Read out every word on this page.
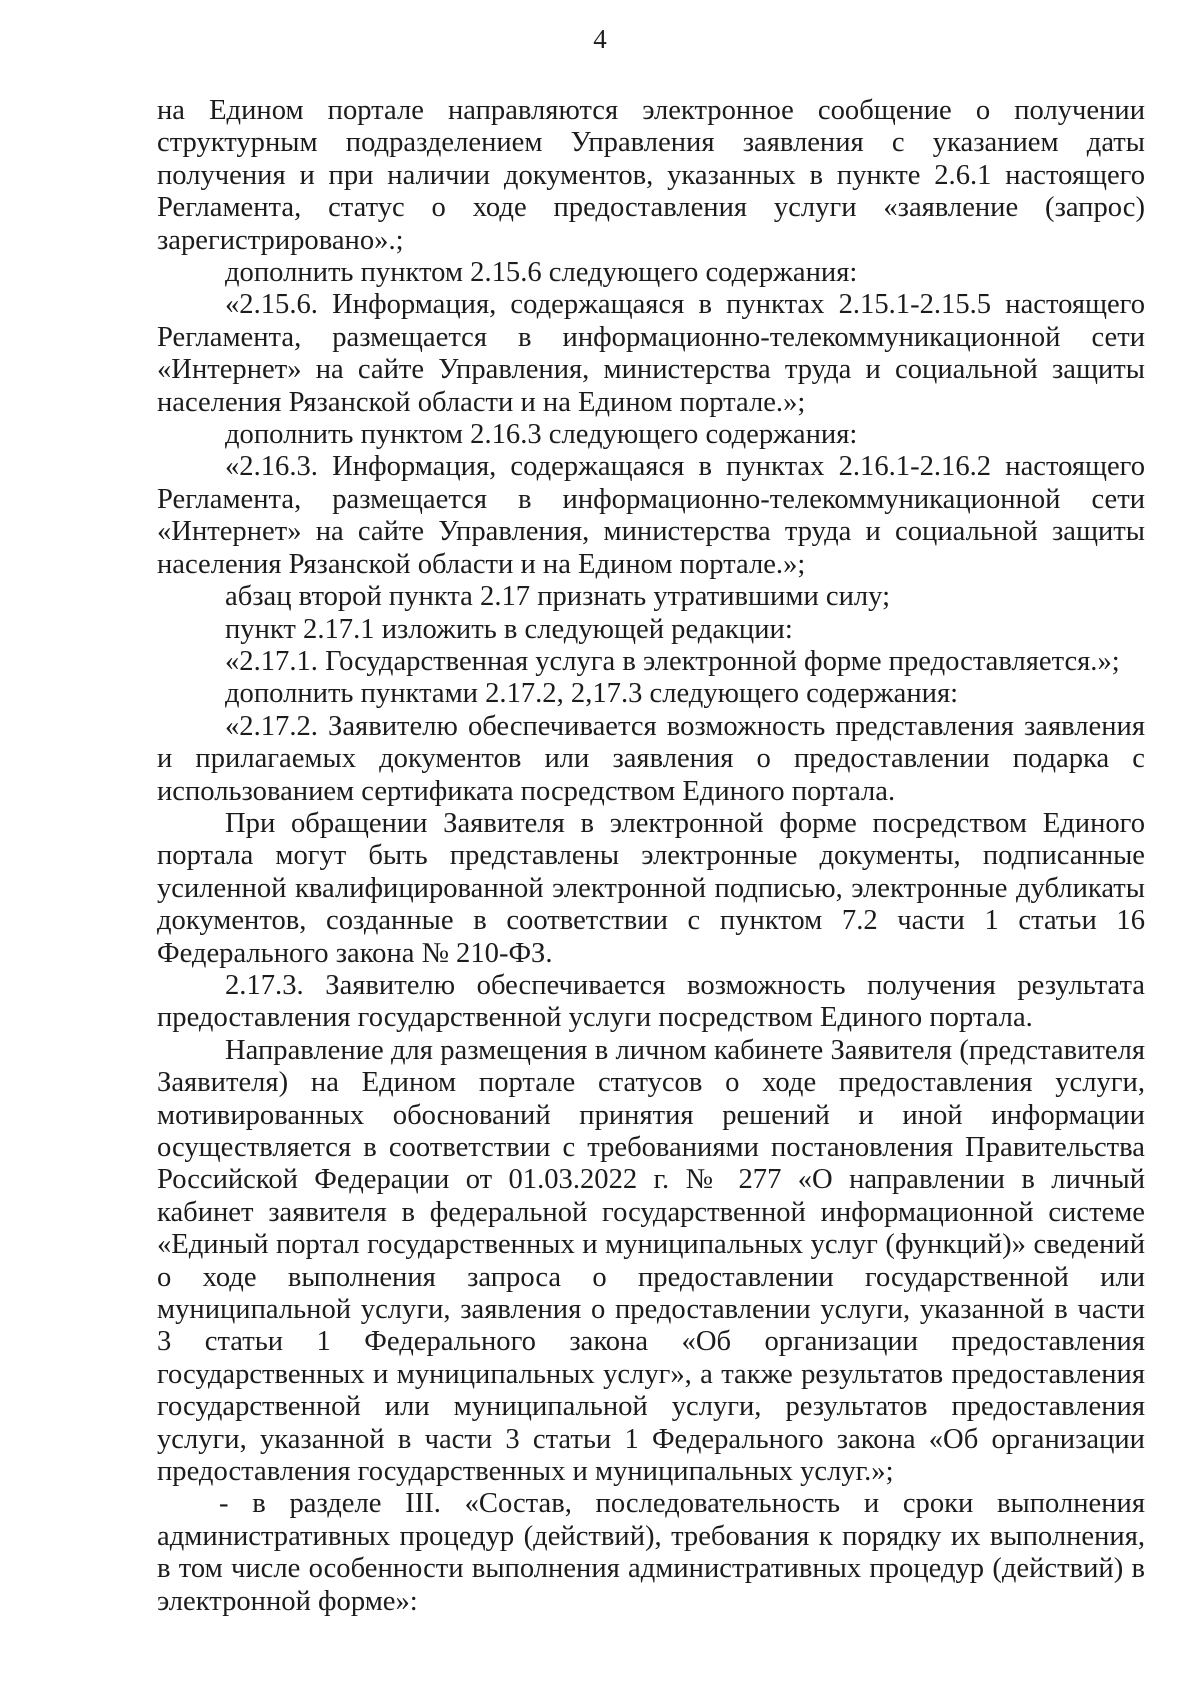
4

на Едином портале направляются электронное сообщение о получении структурным подразделением Управления заявления с указанием даты получения и при наличии документов, указанных в пункте 2.6.1 настоящего Регламента, статус о ходе предоставления услуги «заявление (запрос) зарегистрировано».;

дополнить пунктом 2.15.6 следующего содержания:

«2.15.6. Информация, содержащаяся в пунктах 2.15.1-2.15.5 настоящего Регламента, размещается в информационно-телекоммуникационной сети «Интернет» на сайте Управления, министерства труда и социальной защиты населения Рязанской области и на Едином портале.»;

дополнить пунктом 2.16.3 следующего содержания:

«2.16.3. Информация, содержащаяся в пунктах 2.16.1-2.16.2 настоящего Регламента, размещается в информационно-телекоммуникационной сети «Интернет» на сайте Управления, министерства труда и социальной защиты населения Рязанской области и на Едином портале.»;

абзац второй пункта 2.17 признать утратившими силу;

пункт 2.17.1 изложить в следующей редакции:

«2.17.1. Государственная услуга в электронной форме предоставляется.»;

дополнить пунктами 2.17.2, 2,17.3 следующего содержания:

«2.17.2. Заявителю обеспечивается возможность представления заявления и прилагаемых документов или заявления о предоставлении подарка с использованием сертификата посредством Единого портала.

При обращении Заявителя в электронной форме посредством Единого портала могут быть представлены электронные документы, подписанные усиленной квалифицированной электронной подписью, электронные дубликаты документов, созданные в соответствии с пунктом 7.2 части 1 статьи 16 Федерального закона № 210-ФЗ.

2.17.3. Заявителю обеспечивается возможность получения результата предоставления государственной услуги посредством Единого портала.

Направление для размещения в личном кабинете Заявителя (представителя Заявителя) на Едином портале статусов о ходе предоставления услуги, мотивированных обоснований принятия решений и иной информации осуществляется в соответствии с требованиями постановления Правительства Российской Федерации от 01.03.2022 г. № 277 «О направлении в личный кабинет заявителя в федеральной государственной информационной системе «Единый портал государственных и муниципальных услуг (функций)» сведений о ходе выполнения запроса о предоставлении государственной или муниципальной услуги, заявления о предоставлении услуги, указанной в части 3 статьи 1 Федерального закона «Об организации предоставления государственных и муниципальных услуг», а также результатов предоставления государственной или муниципальной услуги, результатов предоставления услуги, указанной в части 3 статьи 1 Федерального закона «Об организации предоставления государственных и муниципальных услуг.»;

- в разделе III. «Состав, последовательность и сроки выполнения административных процедур (действий), требования к порядку их выполнения, в том числе особенности выполнения административных процедур (действий) в электронной форме»:
